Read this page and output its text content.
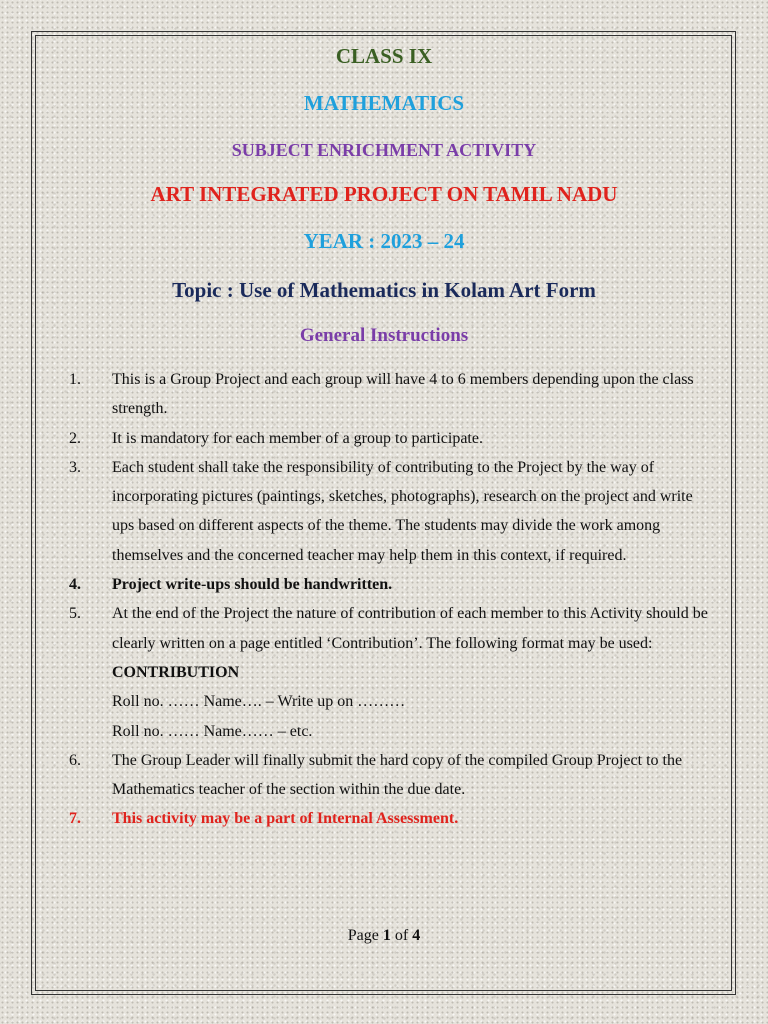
CLASS IX
MATHEMATICS
SUBJECT ENRICHMENT ACTIVITY
ART INTEGRATED PROJECT ON TAMIL NADU
YEAR : 2023 – 24
Topic : Use of Mathematics in Kolam Art Form
General Instructions
1. This is a Group Project and each group will have 4 to 6 members depending upon the class strength.
2. It is mandatory for each member of a group to participate.
3. Each student shall take the responsibility of contributing to the Project by the way of incorporating pictures (paintings, sketches, photographs), research on the project and write ups based on different aspects of the theme. The students may divide the work among themselves and the concerned teacher may help them in this context, if required.
4. Project write-ups should be handwritten.
5. At the end of the Project the nature of contribution of each member to this Activity should be clearly written on a page entitled ‘Contribution’. The following format may be used:
CONTRIBUTION
Roll no. …… Name…. – Write up on ………
Roll no. …… Name…… – etc.
6. The Group Leader will finally submit the hard copy of the compiled Group Project to the Mathematics teacher of the section within the due date.
7. This activity may be a part of Internal Assessment.
Page 1 of 4
